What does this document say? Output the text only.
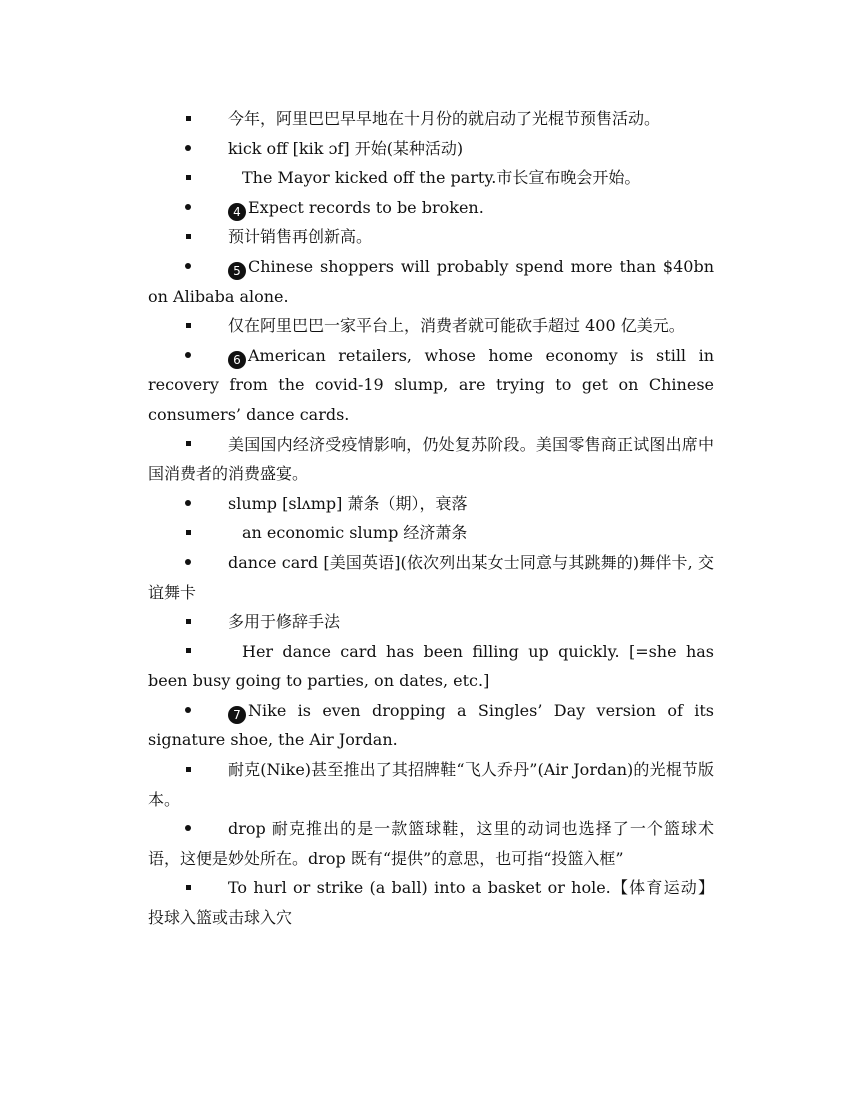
今年，阿里巴巴早早地在十月份的就启动了光棍节预售活动。
kick off [kik ɔf] 开始(某种活动)
The Mayor kicked off the party.市长宣布晚会开始。
4 Expect records to be broken.
预计销售再创新高。
5 Chinese shoppers will probably spend more than $40bn on Alibaba alone.
仅在阿里巴巴一家平台上，消费者就可能砍手超过 400 亿美元。
6 American retailers, whose home economy is still in recovery from the covid-19 slump, are trying to get on Chinese consumers’ dance cards.
美国国内经济受疫情影响，仍处复苏阶段。美国零售商正试图出席中国消费者的消费盛宴。
slump [slʌmp] 萧条（期），衰落
an economic slump 经济萧条
dance card [美国英语](依次列出某女士同意与其跳舞的)舞伴卡, 交谊舞卡
多用于修辞手法
Her dance card has been filling up quickly. [=she has been busy going to parties, on dates, etc.]
7 Nike is even dropping a Singles’ Day version of its signature shoe, the Air Jordan.
耐克(Nike)甚至推出了其招牌鞋“飞人乔丹”(Air Jordan)的光棍节版本。
drop 耐克推出的是一款篮球鞋，这里的动词也选择了一个篮球术语，这便是妙处所在。drop 既有“提供”的意思，也可指“投篮入框”
To hurl or strike (a ball) into a basket or hole.【体育运动】 投球入篮或击球入穴
